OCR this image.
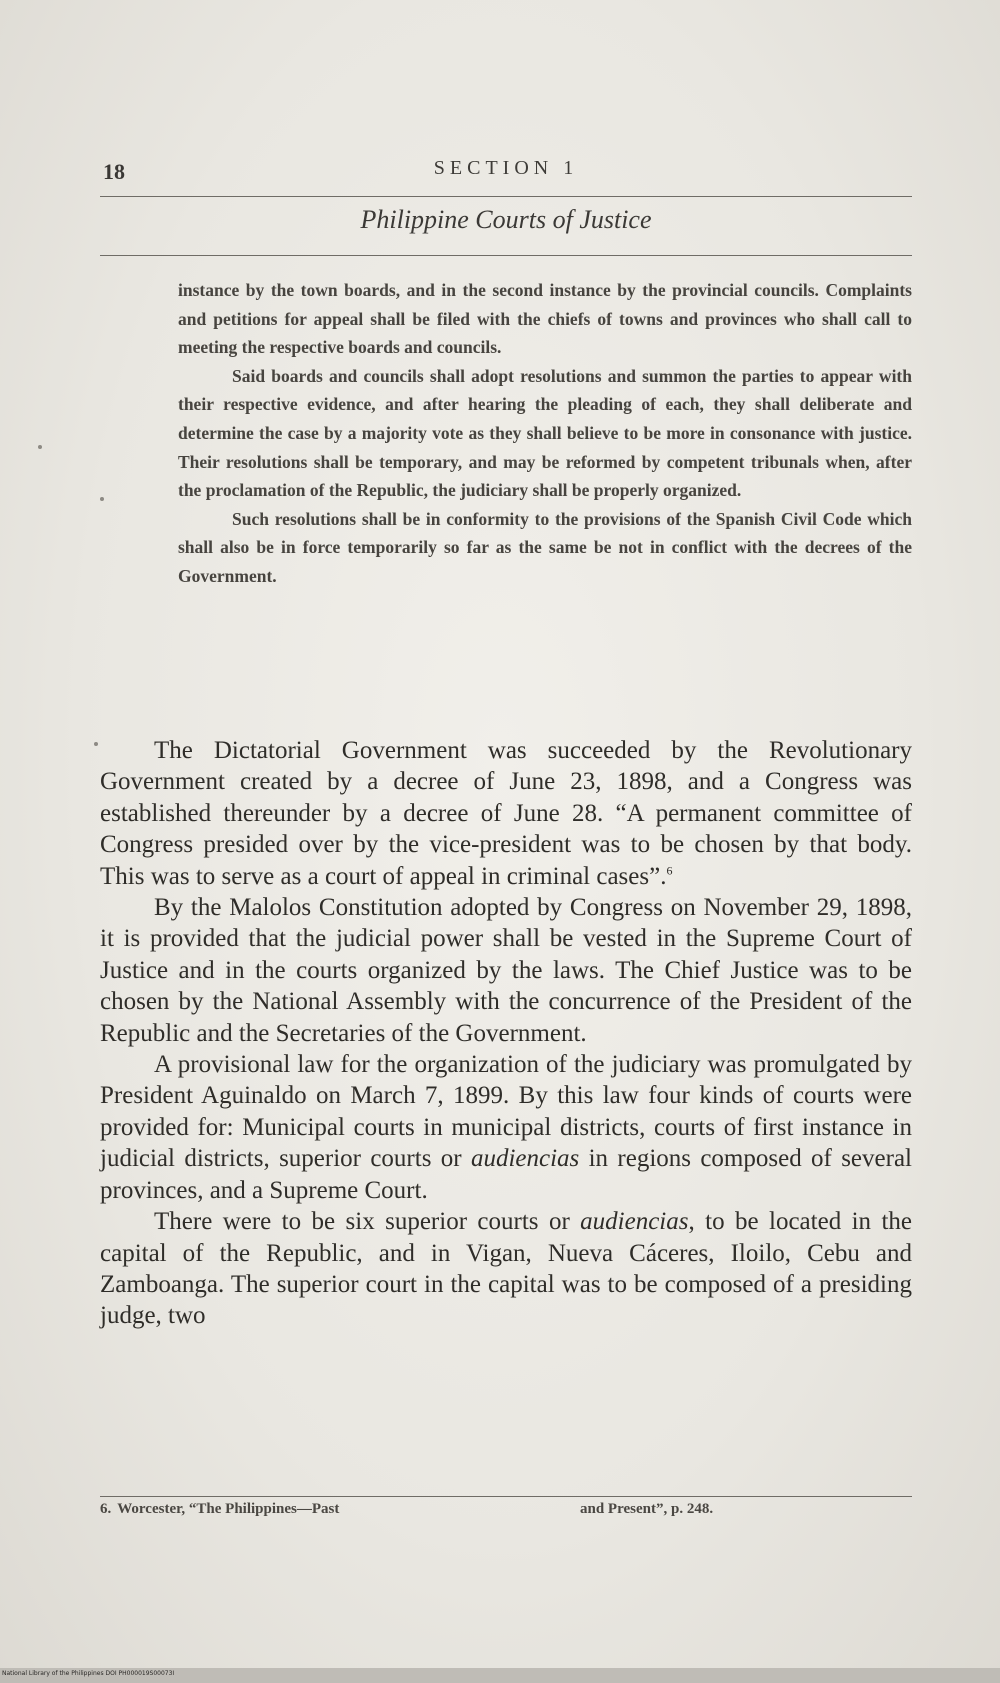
18	SECTION 1
Philippine Courts of Justice

instance by the town boards, and in the second instance by the provincial councils. Complaints and petitions for appeal shall be filed with the chiefs of towns and provinces who shall call to meeting the respective boards and councils.

Said boards and councils shall adopt resolutions and summon the parties to appear with their respective evidence, and after hearing the pleading of each, they shall deliberate and determine the case by a majority vote as they shall believe to be more in consonance with justice. Their resolutions shall be temporary, and may be reformed by competent tribunals when, after the proclamation of the Republic, the judiciary shall be properly organized.

Such resolutions shall be in conformity to the provisions of the Spanish Civil Code which shall also be in force temporarily so far as the same be not in conflict with the decrees of the Government.

The Dictatorial Government was succeeded by the Revolutionary Government created by a decree of June 23, 1898, and a Congress was established thereunder by a decree of June 28. “A permanent committee of Congress presided over by the vice-president was to be chosen by that body. This was to serve as a court of appeal in criminal cases”.$^6$

By the Malolos Constitution adopted by Congress on November 29, 1898, it is provided that the judicial power shall be vested in the Supreme Court of Justice and in the courts organized by the laws. The Chief Justice was to be chosen by the National Assembly with the concurrence of the President of the Republic and the Secretaries of the Government.

A provisional law for the organization of the judiciary was promulgated by President Aguinaldo on March 7, 1899. By this law four kinds of courts were provided for: Municipal courts in municipal districts, courts of first instance in judicial districts, superior courts or audiencias in regions composed of several provinces, and a Supreme Court.

There were to be six superior courts or audiencias, to be located in the capital of the Republic, and in Vigan, Nueva Cáceres, Iloilo, Cebu and Zamboanga. The superior court in the capital was to be composed of a presiding judge, two

6. Worcester, “The Philippines—Past	and Present”, p. 248.
National Library of the Philippines DOI PH000019S00073I
